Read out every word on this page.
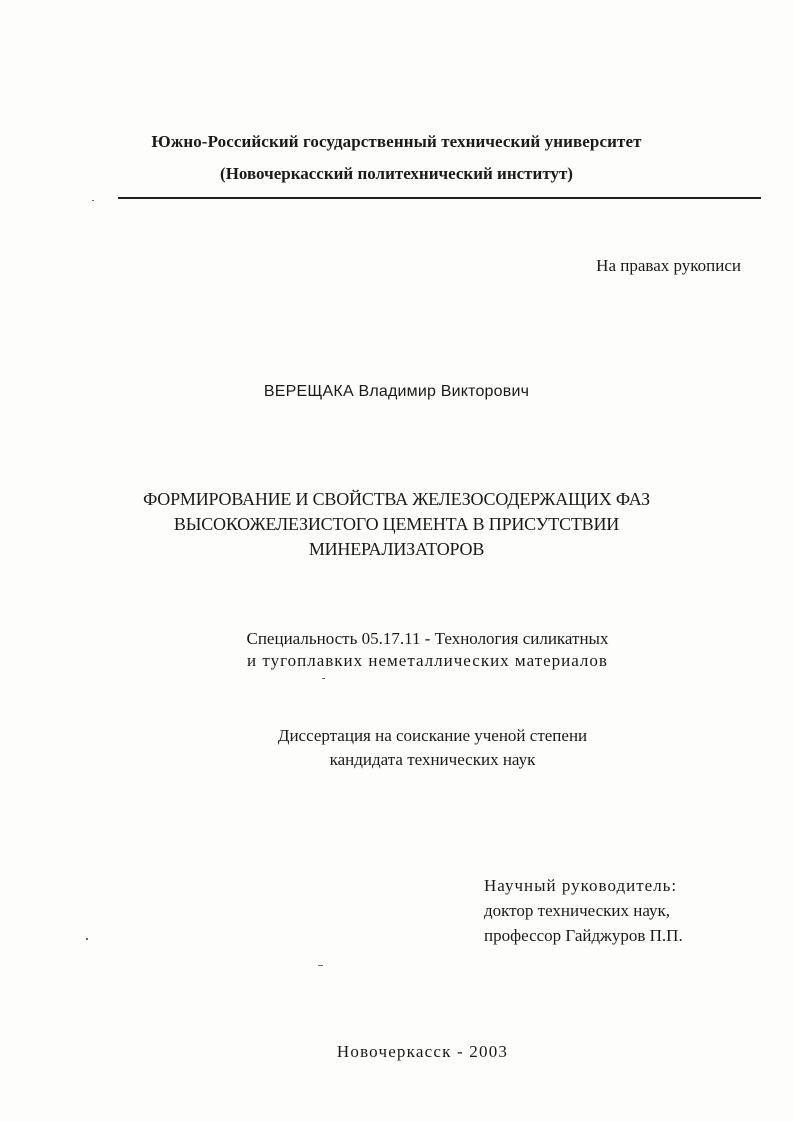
Южно-Российский государственный технический университет
(Новочеркасский политехнический институт)
На правах рукописи
ВЕРЕЩАКА Владимир Викторович
ФОРМИРОВАНИЕ И СВОЙСТВА ЖЕЛЕЗОСОДЕРЖАЩИХ ФАЗ
ВЫСОКОЖЕЛЕЗИСТОГО ЦЕМЕНТА В ПРИСУТСТВИИ
МИНЕРАЛИЗАТОРОВ
Специальность 05.17.11 - Технология силикатных
и тугоплавких неметаллических материалов
Диссертация на соискание ученой степени
кандидата технических наук
Научный руководитель:
доктор технических наук,
профессор Гайджуров П.П.
Новочеркасск - 2003
